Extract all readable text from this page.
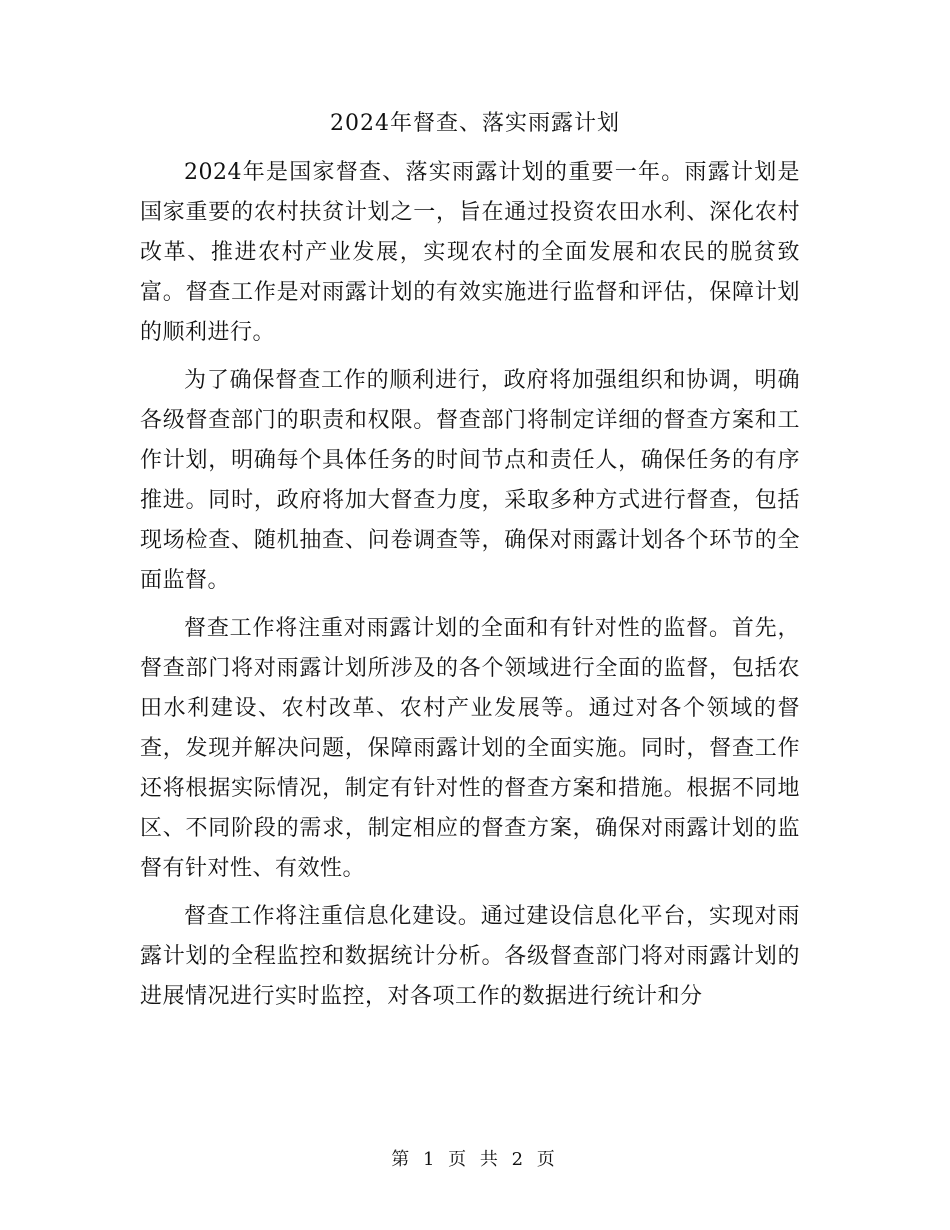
2024年督查、落实雨露计划

2024年是国家督查、落实雨露计划的重要一年。雨露计划是国家重要的农村扶贫计划之一，旨在通过投资农田水利、深化农村改革、推进农村产业发展，实现农村的全面发展和农民的脱贫致富。督查工作是对雨露计划的有效实施进行监督和评估，保障计划的顺利进行。

为了确保督查工作的顺利进行，政府将加强组织和协调，明确各级督查部门的职责和权限。督查部门将制定详细的督查方案和工作计划，明确每个具体任务的时间节点和责任人，确保任务的有序推进。同时，政府将加大督查力度，采取多种方式进行督查，包括现场检查、随机抽查、问卷调查等，确保对雨露计划各个环节的全面监督。

督查工作将注重对雨露计划的全面和有针对性的监督。首先，督查部门将对雨露计划所涉及的各个领域进行全面的监督，包括农田水利建设、农村改革、农村产业发展等。通过对各个领域的督查，发现并解决问题，保障雨露计划的全面实施。同时，督查工作还将根据实际情况，制定有针对性的督查方案和措施。根据不同地区、不同阶段的需求，制定相应的督查方案，确保对雨露计划的监督有针对性、有效性。

督查工作将注重信息化建设。通过建设信息化平台，实现对雨露计划的全程监控和数据统计分析。各级督查部门将对雨露计划的进展情况进行实时监控，对各项工作的数据进行统计和分

第 1 页 共 2 页
